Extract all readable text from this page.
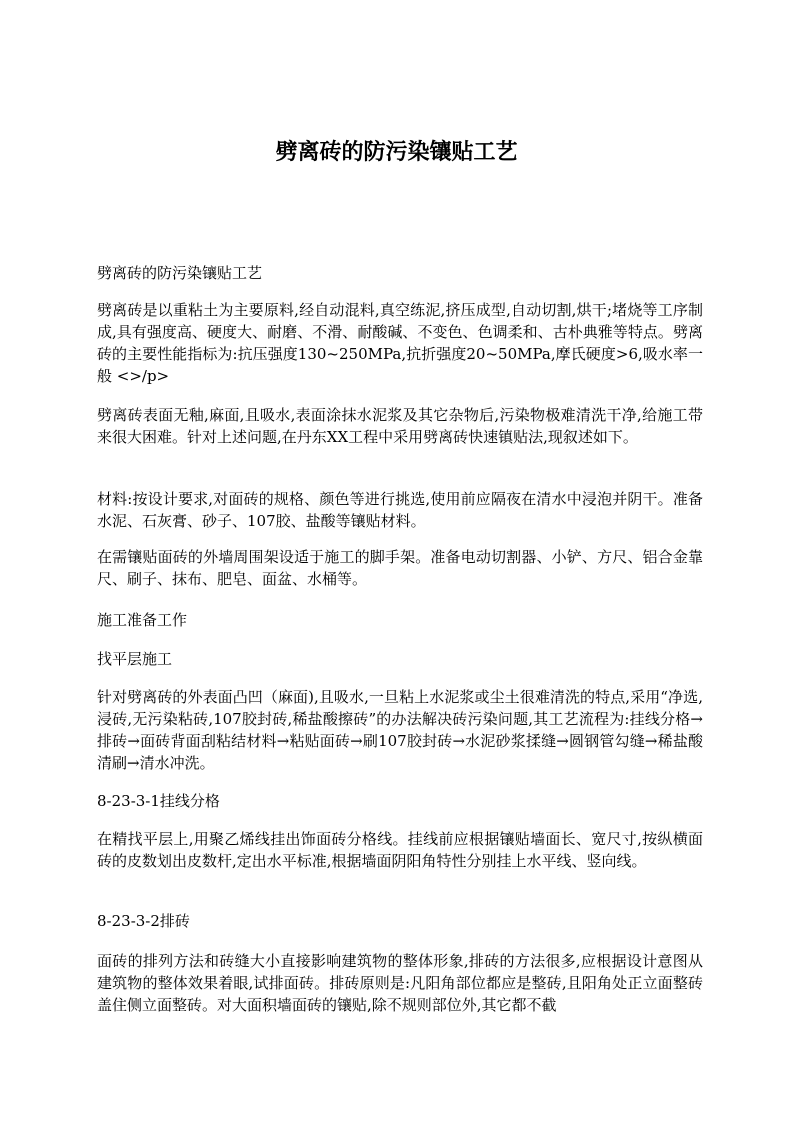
劈离砖的防污染镶贴工艺

劈离砖的防污染镶贴工艺

劈离砖是以重粘土为主要原料,经自动混料,真空练泥,挤压成型,自动切割,烘干;堵烧等工序制成,具有强度高、硬度大、耐磨、不滑、耐酸碱、不变色、色调柔和、古朴典雅等特点。劈离砖的主要性能指标为:抗压强度130~250MPa,抗折强度20~50MPa,摩氏硬度>6,吸水率一般 <>/p>

劈离砖表面无釉,麻面,且吸水,表面涂抹水泥浆及其它杂物后,污染物极难清洗干净,给施工带来很大困难。针对上述问题,在丹东XX工程中采用劈离砖快速镇贴法,现叙述如下。

材料:按设计要求,对面砖的规格、颜色等进行挑选,使用前应隔夜在清水中浸泡并阴干。准备水泥、石灰膏、砂子、107胶、盐酸等镶贴材料。

在需镶贴面砖的外墙周围架设适于施工的脚手架。准备电动切割器、小铲、方尺、铝合金靠尺、刷子、抹布、肥皂、面盆、水桶等。

施工准备工作

找平层施工

针对劈离砖的外表面凸凹（麻面),且吸水,一旦粘上水泥浆或尘土很难清洗的特点,采用“净选,浸砖,无污染粘砖,107胶封砖,稀盐酸擦砖”的办法解决砖污染问题,其工艺流程为:挂线分格→排砖→面砖背面刮粘结材料→粘贴面砖→刷107胶封砖→水泥砂浆揉缝→圆钢管勾缝→稀盐酸清刷→清水冲洗。

8-23-3-1挂线分格

在精找平层上,用聚乙烯线挂出饰面砖分格线。挂线前应根据镶贴墙面长、宽尺寸,按纵横面砖的皮数划出皮数杆,定出水平标准,根据墙面阴阳角特性分别挂上水平线、竖向线。

8-23-3-2排砖

面砖的排列方法和砖缝大小直接影响建筑物的整体形象,排砖的方法很多,应根据设计意图从建筑物的整体效果着眼,试排面砖。排砖原则是:凡阳角部位都应是整砖,且阳角处正立面整砖盖住侧立面整砖。对大面积墙面砖的镶贴,除不规则部位外,其它都不截
